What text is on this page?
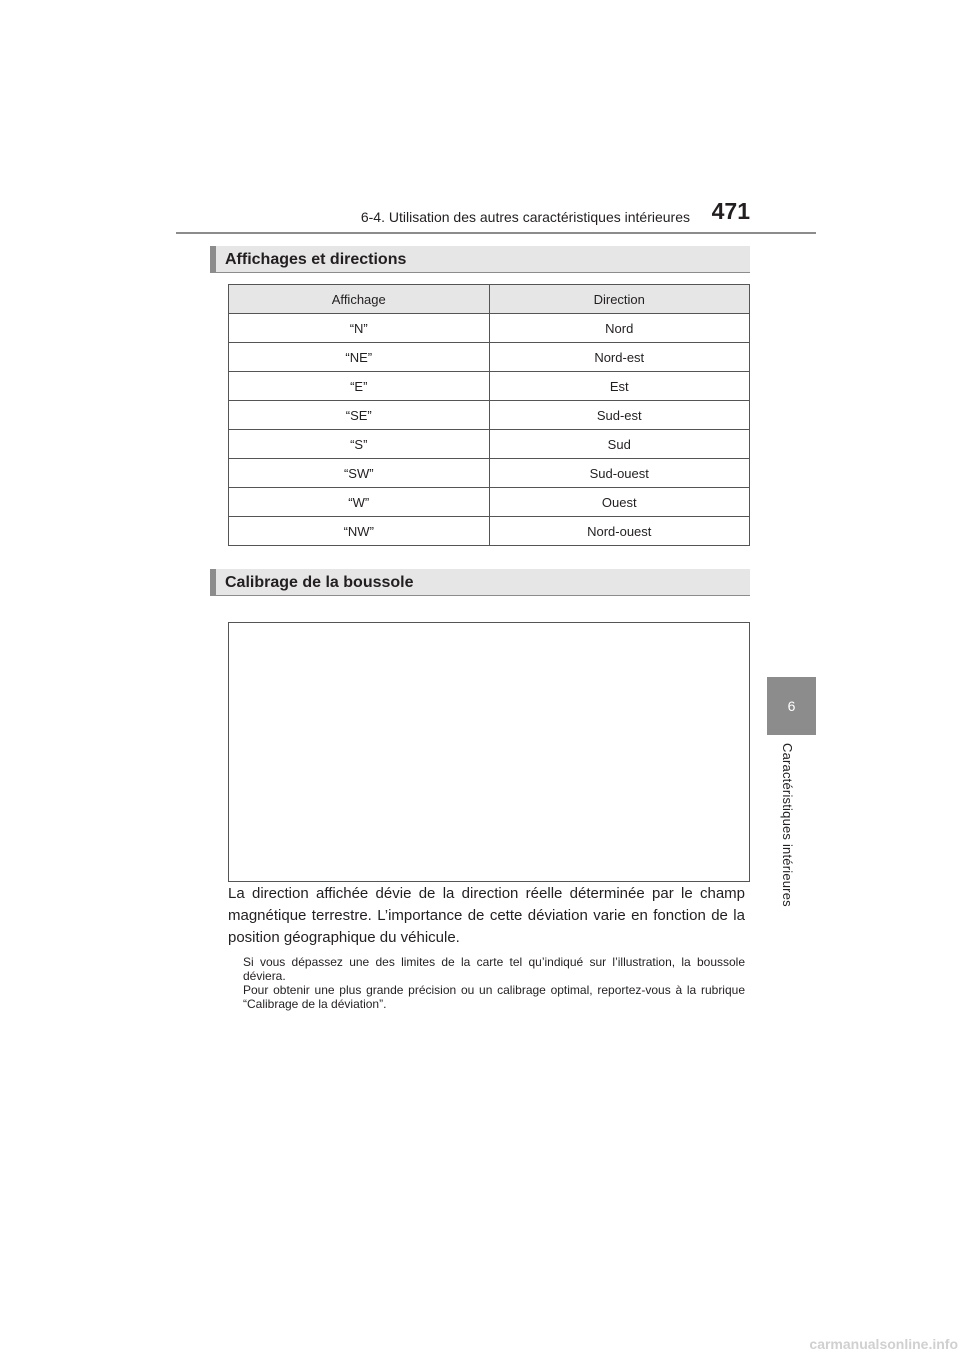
6-4. Utilisation des autres caractéristiques intérieures 471
6
Caractéristiques intérieures
Affichages et directions
Affichage	Direction
“N”	Nord
“NE”	Nord-est
“E”	Est
“SE”	Sud-est
“S”	Sud
“SW”	Sud-ouest
“W”	Ouest
“NW”	Nord-ouest
Calibrage de la boussole
La direction affichée dévie de la direction réelle déterminée par le champ magnétique terrestre. L’importance de cette déviation varie en fonction de la position géographique du véhicule.

Si vous dépassez une des limites de la carte tel qu’indiqué sur l’illustration, la boussole déviera.

Pour obtenir une plus grande précision ou un calibrage optimal, reportez-vous à la rubrique “Calibrage de la déviation”.

carmanualsonline.info
